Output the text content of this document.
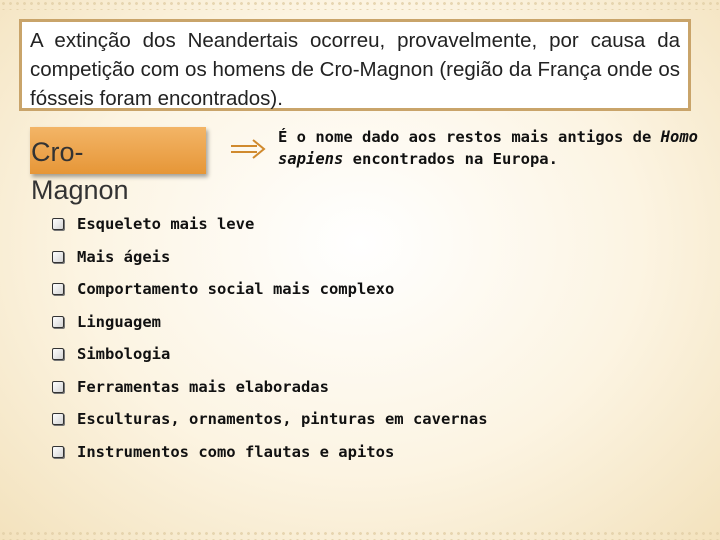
A extinção dos Neandertais ocorreu, provavelmente, por causa da competição com os homens de Cro-Magnon (região da França onde os fósseis foram encontrados).

Cro-Magnon

É o nome dado aos restos mais antigos de Homo sapiens encontrados na Europa.

Esqueleto mais leve
Mais ágeis
Comportamento social mais complexo
Linguagem
Simbologia
Ferramentas mais elaboradas
Esculturas, ornamentos, pinturas em cavernas
Instrumentos como flautas e apitos
